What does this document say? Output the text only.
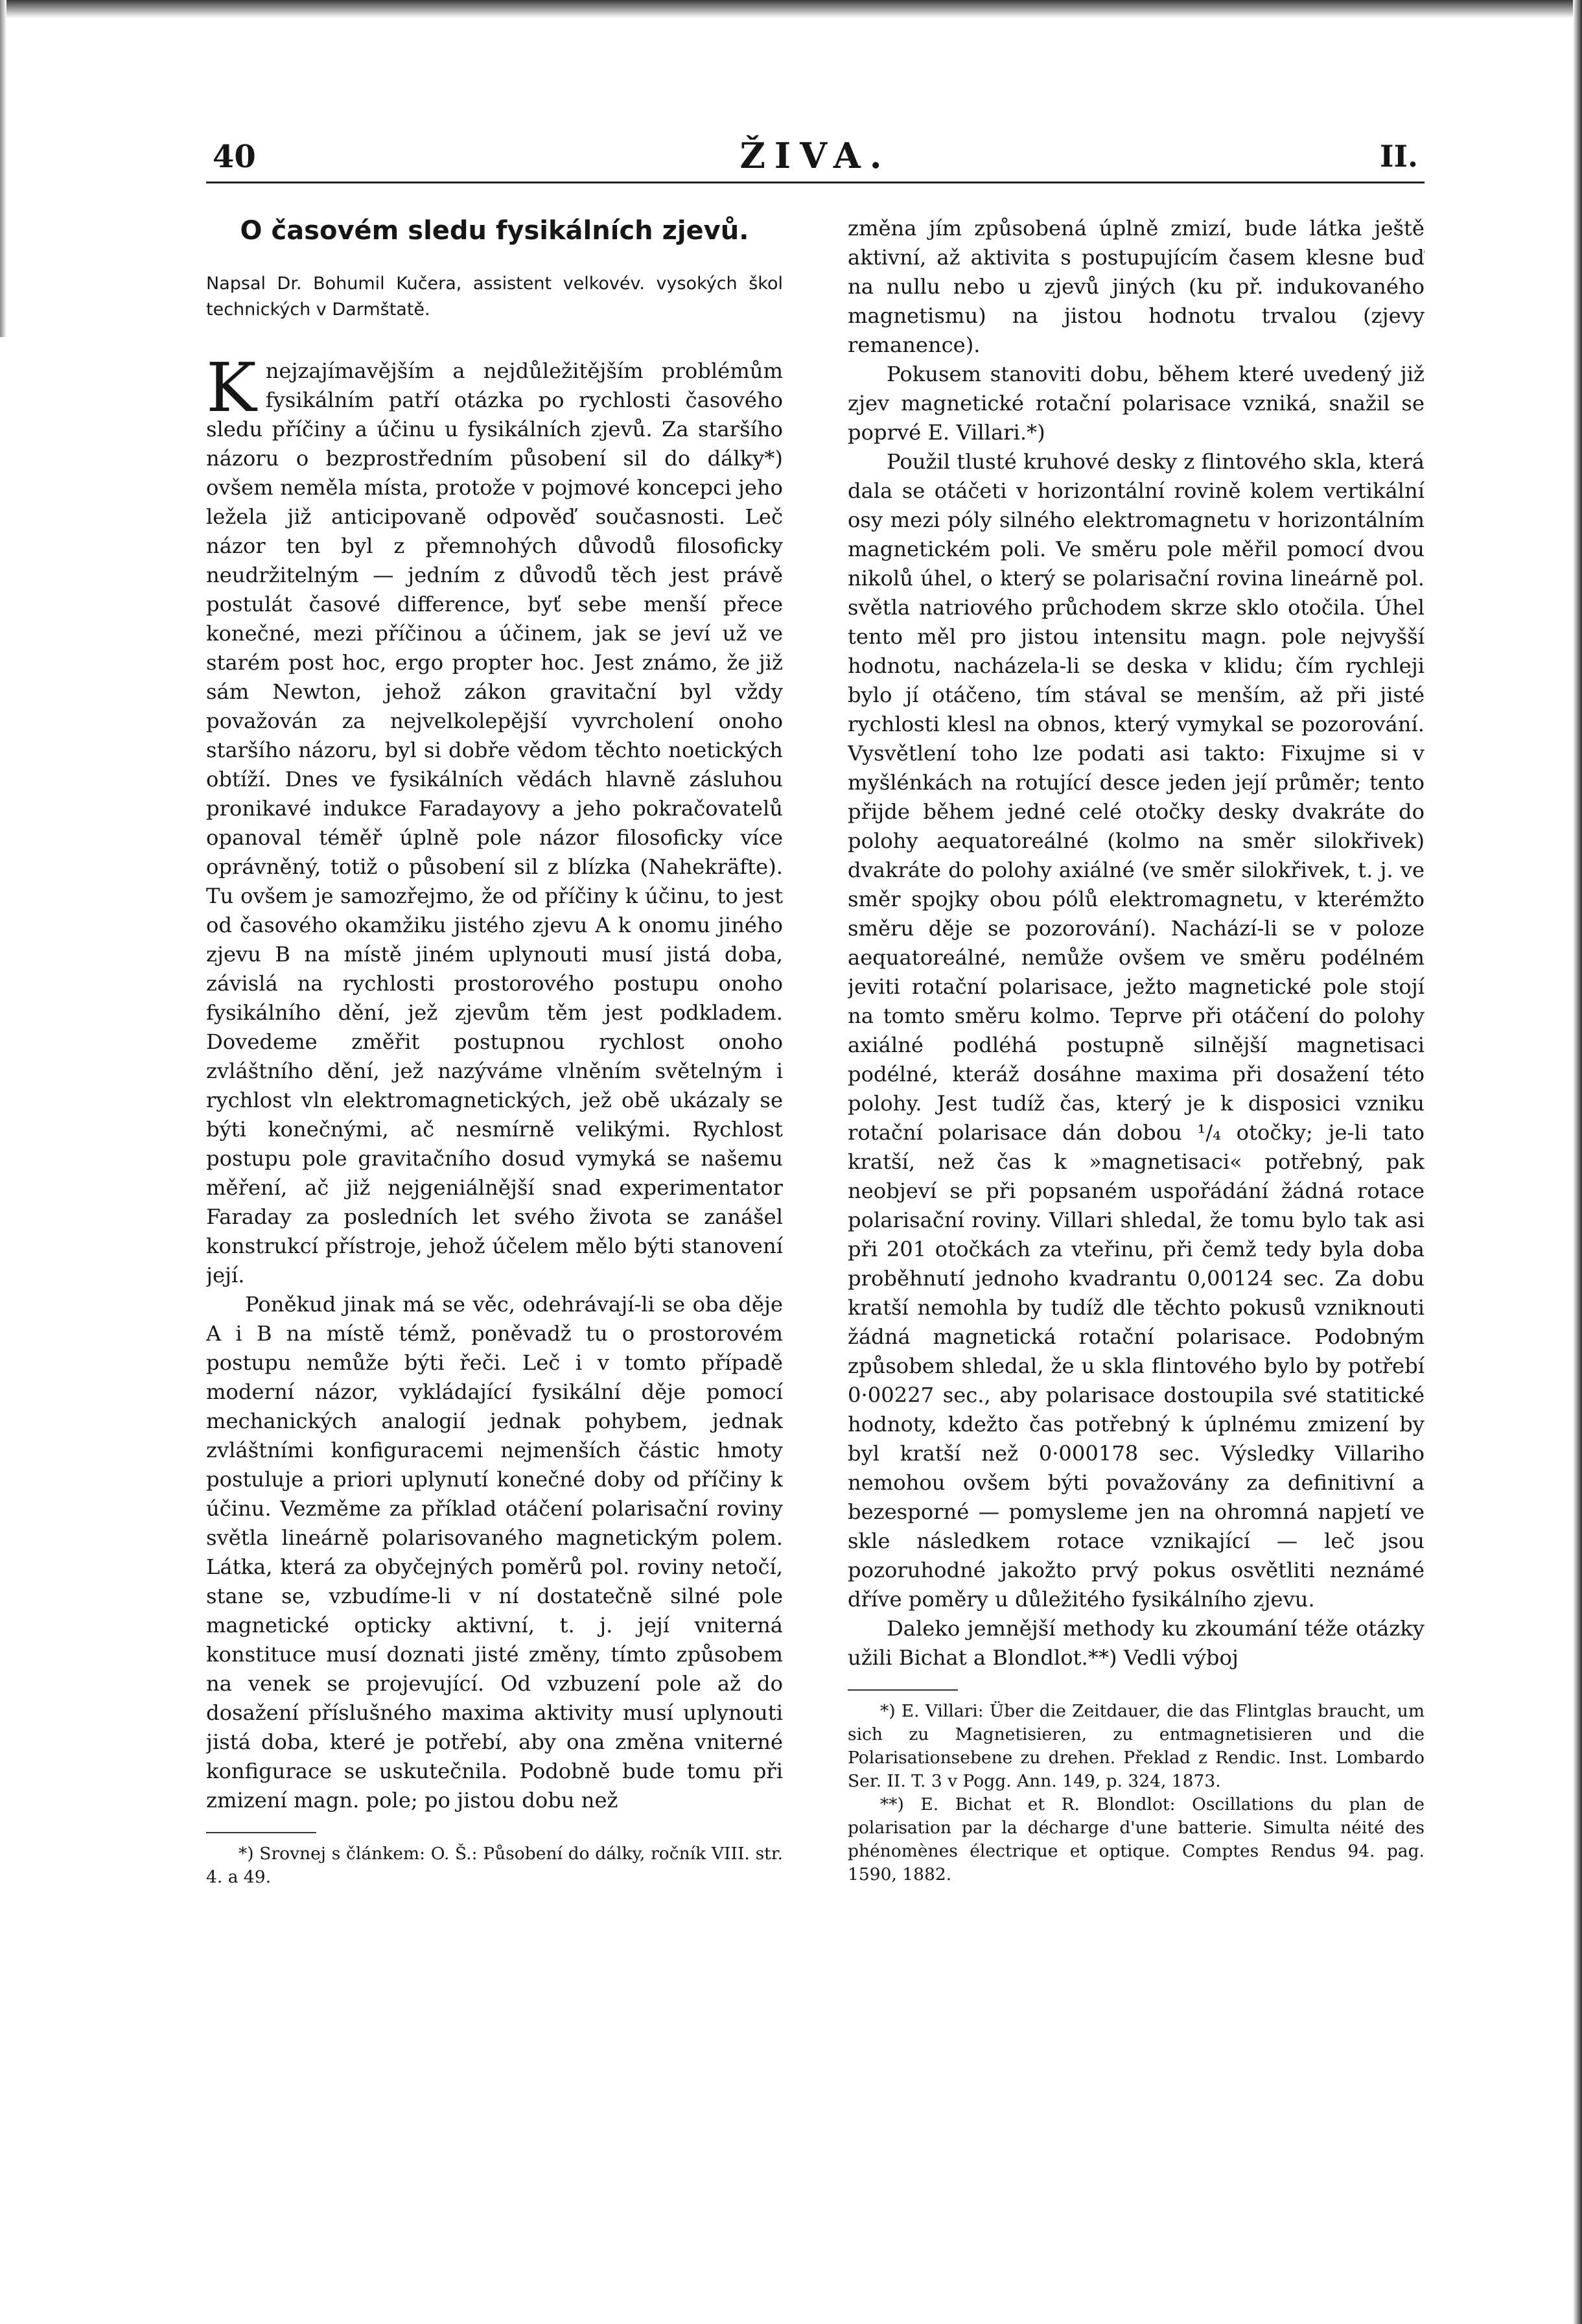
40	ŽIVA.	II.
O časovém sledu fysikálních zjevů.
Napsal Dr. Bohumil Kučera, assistent velkovév. vysokých škol technických v Darmštatě.

Knejzajímavějším a nejdůležitějším problémům fysikálním patří otázka po rychlosti časového sledu příčiny a účinu u fysikálních zjevů. Za staršího názoru o bezprostředním působení sil do dálky*) ovšem neměla místa, protože v pojmové koncepci jeho ležela již anticipovaně odpověď současnosti. Leč názor ten byl z přemnohých důvodů filosoficky neudržitelným — jedním z důvodů těch jest právě postulát časové difference, byť sebe menší přece konečné, mezi příčinou a účinem, jak se jeví už ve starém post hoc, ergo propter hoc. Jest známo, že již sám Newton, jehož zákon gravitační byl vždy považován za nejvelkolepější vyvrcholení onoho staršího názoru, byl si dobře vědom těchto noetických obtíží. Dnes ve fysikálních vědách hlavně zásluhou pronikavé indukce Faradayovy a jeho pokračovatelů opanoval téměř úplně pole názor filosoficky více oprávněný, totiž o působení sil z blízka (Nahekräfte). Tu ovšem je samozřejmo, že od příčiny k účinu, to jest od časového okamžiku jistého zjevu A k onomu jiného zjevu B na místě jiném uplynouti musí jistá doba, závislá na rychlosti prostorového postupu onoho fysikálního dění, jež zjevům těm jest podkladem. Dovedeme změřit postupnou rychlost onoho zvláštního dění, jež nazýváme vlněním světelným i rychlost vln elektromagnetických, jež obě ukázaly se býti konečnými, ač nesmírně velikými. Rychlost postupu pole gravitačního dosud vymyká se našemu měření, ač již nejgeniálnější snad experimentator Faraday za posledních let svého života se zanášel konstrukcí přístroje, jehož účelem mělo býti stanovení její.

Poněkud jinak má se věc, odehrávají-li se oba děje A i B na místě témž, poněvadž tu o prostorovém postupu nemůže býti řeči. Leč i v tomto případě moderní názor, vykládající fysikální děje pomocí mechanických analogií jednak pohybem, jednak zvláštními konfiguracemi nejmenších částic hmoty postuluje a priori uplynutí konečné doby od příčiny k účinu. Vezměme za příklad otáčení polarisační roviny světla lineárně polarisovaného magnetickým polem. Látka, která za obyčejných poměrů pol. roviny netočí, stane se, vzbudíme-li v ní dostatečně silné pole magnetické opticky aktivní, t. j. její vniterná konstituce musí doznati jisté změny, tímto způsobem na venek se projevující. Od vzbuzení pole až do dosažení příslušného maxima aktivity musí uplynouti jistá doba, které je potřebí, aby ona změna vniterné konfigurace se uskutečnila. Podobně bude tomu při zmizení magn. pole; po jistou dobu než

*) Srovnej s článkem: O. Š.: Působení do dálky, ročník VIII. str. 4. a 49.

změna jím způsobená úplně zmizí, bude látka ještě aktivní, až aktivita s postupujícím časem klesne buď na nullu nebo u zjevů jiných (ku př. indukovaného magnetismu) na jistou hodnotu trvalou (zjevy remanence).

Pokusem stanoviti dobu, během které uvedený již zjev magnetické rotační polarisace vzniká, snažil se poprvé E. Villari.*)

Použil tlusté kruhové desky z flintového skla, která dala se otáčeti v horizontální rovině kolem vertikální osy mezi póly silného elektromagnetu v horizontálním magnetickém poli. Ve směru pole měřil pomocí dvou nikolů úhel, o který se polarisační rovina lineárně pol. světla natriového průchodem skrze sklo otočila. Úhel tento měl pro jistou intensitu magn. pole nejvyšší hodnotu, nacházela-li se deska v klidu; čím rychleji bylo jí otáčeno, tím stával se menším, až při jisté rychlosti klesl na obnos, který vymykal se pozorování. Vysvětlení toho lze podati asi takto: Fixujme si v myšlénkách na rotující desce jeden její průměr; tento přijde během jedné celé otočky desky dvakráte do polohy aequatoreálné (kolmo na směr silokřivek) dvakráte do polohy axiálné (ve směr silokřivek, t. j. ve směr spojky obou pólů elektromagnetu, v kterémžto směru děje se pozorování). Nachází-li se v poloze aequatoreálné, nemůže ovšem ve směru podélném jeviti rotační polarisace, ježto magnetické pole stojí na tomto směru kolmo. Teprve při otáčení do polohy axiálné podléhá postupně silnější magnetisaci podélné, kteráž dosáhne maxima při dosažení této polohy. Jest tudíž čas, který je k disposici vzniku rotační polarisace dán dobou ¹/₄ otočky; je-li tato kratší, než čas k »magnetisaci« potřebný, pak neobjeví se při popsaném uspořádání žádná rotace polarisační roviny. Villari shledal, že tomu bylo tak asi při 201 otočkách za vteřinu, při čemž tedy byla doba proběhnutí jednoho kvadrantu 0,00124 sec. Za dobu kratší nemohla by tudíž dle těchto pokusů vzniknouti žádná magnetická rotační polarisace. Podobným způsobem shledal, že u skla flintového bylo by potřebí 0·00227 sec., aby polarisace dostoupila své statitické hodnoty, kdežto čas potřebný k úplnému zmizení by byl kratší než 0·000178 sec. Výsledky Villariho nemohou ovšem býti považovány za definitivní a bezesporné — pomysleme jen na ohromná napjetí ve skle následkem rotace vznikající — leč jsou pozoruhodné jakožto prvý pokus osvětliti neznámé dříve poměry u důležitého fysikálního zjevu.

Daleko jemnější methody ku zkoumání téže otázky užili Bichat a Blondlot.**) Vedli výboj

*) E. Villari: Über die Zeitdauer, die das Flintglas braucht, um sich zu Magnetisieren, zu entmagnetisieren und die Polarisationsebene zu drehen. Překlad z Rendic. Inst. Lombardo Ser. II. T. 3 v Pogg. Ann. 149, p. 324, 1873.

**) E. Bichat et R. Blondlot: Oscillations du plan de polarisation par la décharge d'une batterie. Simulta néité des phénomènes électrique et optique. Comptes Rendus 94. pag. 1590, 1882.
